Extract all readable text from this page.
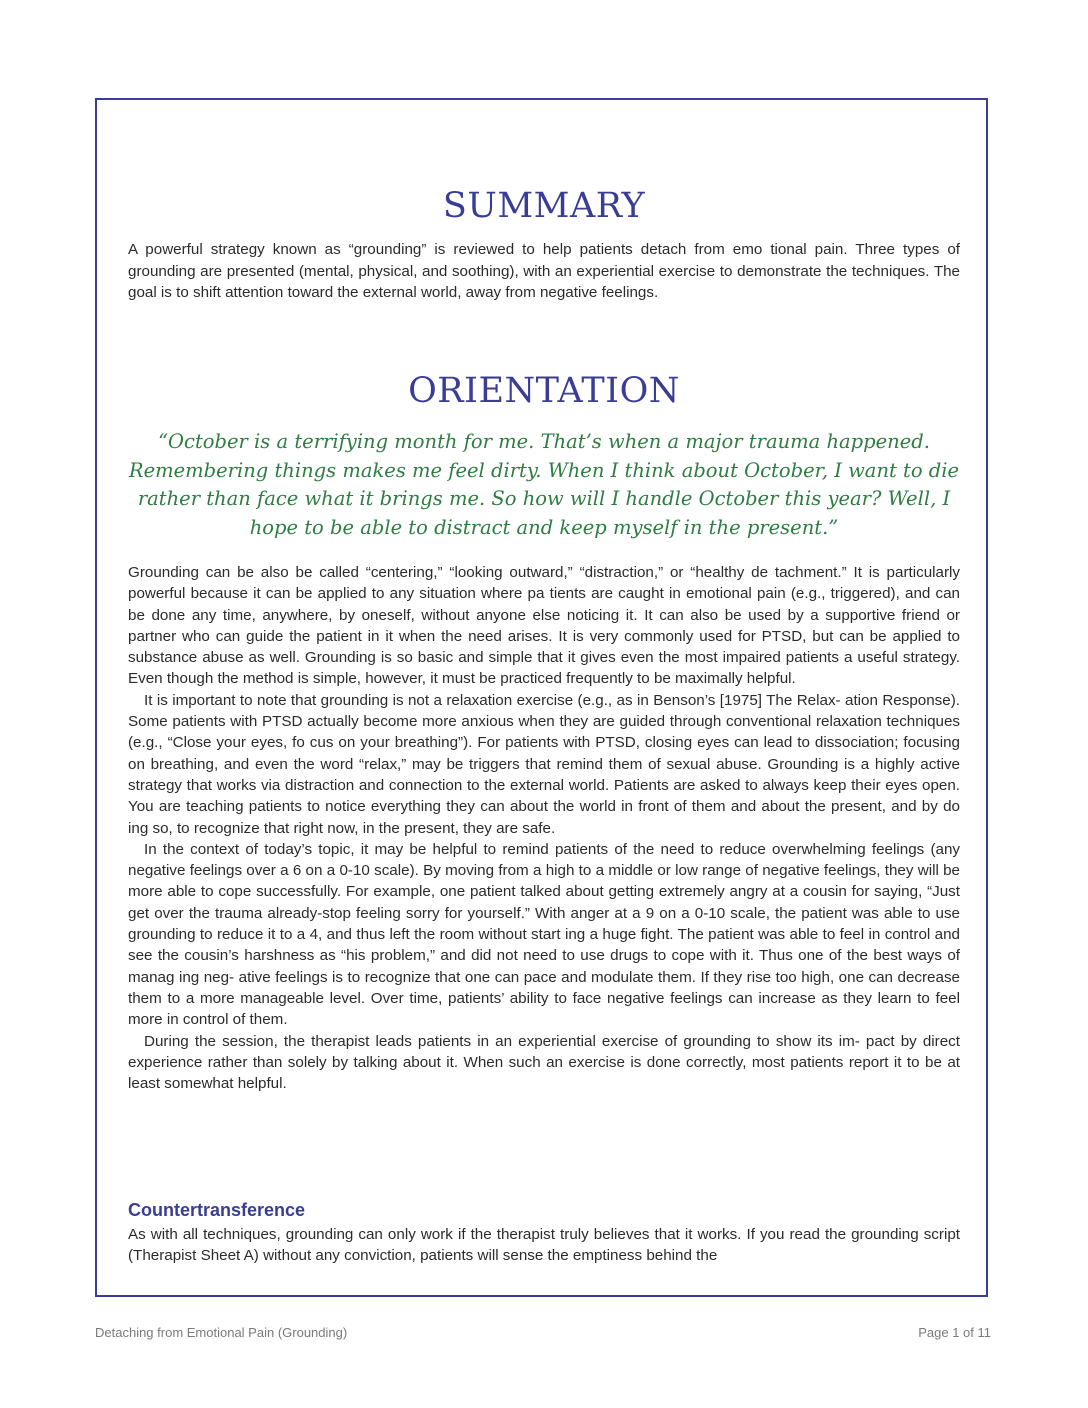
SUMMARY

A powerful strategy known as “grounding” is reviewed to help patients detach from emo tional pain. Three types of grounding are presented (mental, physical, and soothing), with an experiential exercise to demonstrate the techniques. The goal is to shift attention toward the external world, away from negative feelings.

ORIENTATION

“October is a terrifying month for me. That’s when a major trauma happened. Remembering things makes me feel dirty. When I think about October, I want to die rather than face what it brings me. So how will I handle October this year? Well, I hope to be able to distract and keep myself in the present.”

Grounding can be also be called “centering,” “looking outward,” “distraction,” or “healthy de tachment.” It is particularly powerful because it can be applied to any situation where pa tients are caught in emotional pain (e.g., triggered), and can be done any time, anywhere, by oneself, without anyone else noticing it. It can also be used by a supportive friend or partner who can guide the patient in it when the need arises. It is very commonly used for PTSD, but can be applied to substance abuse as well. Grounding is so basic and simple that it gives even the most impaired patients a useful strategy. Even though the method is simple, however, it must be practiced frequently to be maximally helpful.

It is important to note that grounding is not a relaxation exercise (e.g., as in Benson’s [1975] The Relax- ation Response). Some patients with PTSD actually become more anxious when they are guided through conventional relaxation techniques (e.g., “Close your eyes, fo cus on your breathing”). For patients with PTSD, closing eyes can lead to dissociation; focusing on breathing, and even the word “relax,” may be triggers that remind them of sexual abuse. Grounding is a highly active strategy that works via distraction and connection to the external world. Patients are asked to always keep their eyes open. You are teaching patients to notice everything they can about the world in front of them and about the present, and by do ing so, to recognize that right now, in the present, they are safe.

In the context of today’s topic, it may be helpful to remind patients of the need to reduce overwhelming feelings (any negative feelings over a 6 on a 0-10 scale). By moving from a high to a middle or low range of negative feelings, they will be more able to cope successfully. For example, one patient talked about getting extremely angry at a cousin for saying, “Just get over the trauma already-stop feeling sorry for yourself.” With anger at a 9 on a 0-10 scale, the patient was able to use grounding to reduce it to a 4, and thus left the room without start ing a huge fight. The patient was able to feel in control and see the cousin’s harshness as “his problem,” and did not need to use drugs to cope with it. Thus one of the best ways of manag ing neg- ative feelings is to recognize that one can pace and modulate them. If they rise too high, one can decrease them to a more manageable level. Over time, patients’ ability to face negative feelings can increase as they learn to feel more in control of them.

During the session, the therapist leads patients in an experiential exercise of grounding to show its im- pact by direct experience rather than solely by talking about it. When such an exercise is done correctly, most patients report it to be at least somewhat helpful.

Countertransference

As with all techniques, grounding can only work if the therapist truly believes that it works. If you read the grounding script (Therapist Sheet A) without any conviction, patients will sense the emptiness behind the

Detaching from Emotional Pain (Grounding)	Page 1 of 11
